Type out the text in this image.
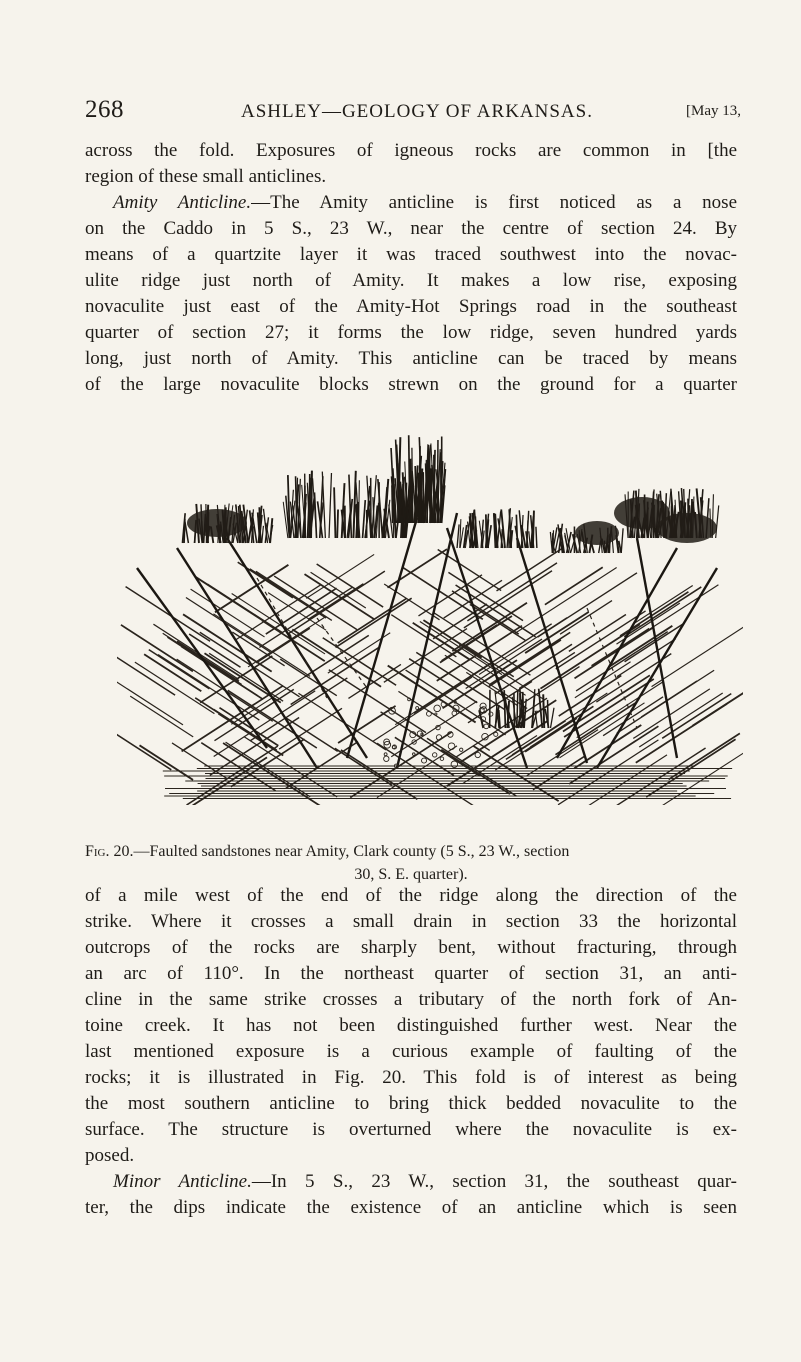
268	ASHLEY—GEOLOGY OF ARKANSAS.	[May 13,
across the fold. Exposures of igneous rocks are common in [the
region of these small anticlines.
Amity Anticline.—The Amity anticline is first noticed as a nose
on the Caddo in 5 S., 23 W., near the centre of section 24. By
means of a quartzite layer it was traced southwest into the novac-
ulite ridge just north of Amity. It makes a low rise, exposing
novaculite just east of the Amity-Hot Springs road in the southeast
quarter of section 27; it forms the low ridge, seven hundred yards
long, just north of Amity. This anticline can be traced by means
of the large novaculite blocks strewn on the ground for a quarter
Fig. 20.—Faulted sandstones near Amity, Clark county (5 S., 23 W., section
30, S. E. quarter).
of a mile west of the end of the ridge along the direction of the
strike. Where it crosses a small drain in section 33 the horizontal
outcrops of the rocks are sharply bent, without fracturing, through
an arc of 110°. In the northeast quarter of section 31, an anti-
cline in the same strike crosses a tributary of the north fork of An-
toine creek. It has not been distinguished further west. Near the
last mentioned exposure is a curious example of faulting of the
rocks; it is illustrated in Fig. 20. This fold is of interest as being
the most southern anticline to bring thick bedded novaculite to the
surface. The structure is overturned where the novaculite is ex-
posed.
Minor Anticline.—In 5 S., 23 W., section 31, the southeast quar-
ter, the dips indicate the existence of an anticline which is seen
